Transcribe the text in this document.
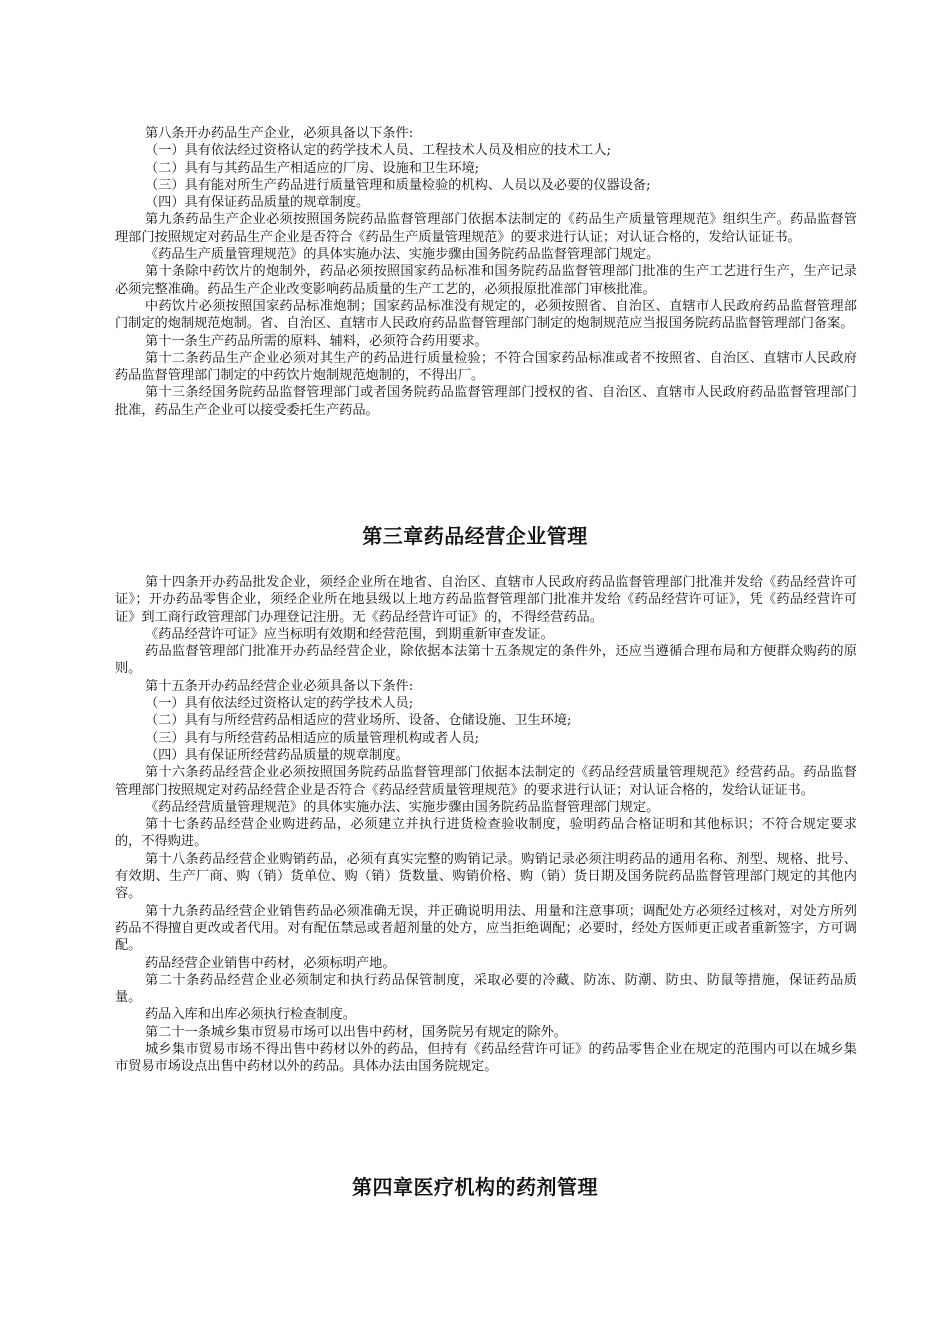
第八条开办药品生产企业，必须具备以下条件:

（一）具有依法经过资格认定的药学技术人员、工程技术人员及相应的技术工人;

（二）具有与其药品生产相适应的厂房、设施和卫生环境;

（三）具有能对所生产药品进行质量管理和质量检验的机构、人员以及必要的仪器设备;

（四）具有保证药品质量的规章制度。

第九条药品生产企业必须按照国务院药品监督管理部门依据本法制定的《药品生产质量管理规范》组织生产。药品监督管理部门按照规定对药品生产企业是否符合《药品生产质量管理规范》的要求进行认证；对认证合格的，发给认证证书。

《药品生产质量管理规范》的具体实施办法、实施步骤由国务院药品监督管理部门规定。

第十条除中药饮片的炮制外，药品必须按照国家药品标准和国务院药品监督管理部门批准的生产工艺进行生产，生产记录必须完整准确。药品生产企业改变影响药品质量的生产工艺的，必须报原批准部门审核批准。

中药饮片必须按照国家药品标准炮制；国家药品标准没有规定的，必须按照省、自治区、直辖市人民政府药品监督管理部门制定的炮制规范炮制。省、自治区、直辖市人民政府药品监督管理部门制定的炮制规范应当报国务院药品监督管理部门备案。

第十一条生产药品所需的原料、辅料，必须符合药用要求。

第十二条药品生产企业必须对其生产的药品进行质量检验；不符合国家药品标准或者不按照省、自治区、直辖市人民政府药品监督管理部门制定的中药饮片炮制规范炮制的，不得出厂。

第十三条经国务院药品监督管理部门或者国务院药品监督管理部门授权的省、自治区、直辖市人民政府药品监督管理部门批准，药品生产企业可以接受委托生产药品。

第三章药品经营企业管理

第十四条开办药品批发企业，须经企业所在地省、自治区、直辖市人民政府药品监督管理部门批准并发给《药品经营许可证》；开办药品零售企业，须经企业所在地县级以上地方药品监督管理部门批准并发给《药品经营许可证》，凭《药品经营许可证》到工商行政管理部门办理登记注册。无《药品经营许可证》的，不得经营药品。

《药品经营许可证》应当标明有效期和经营范围，到期重新审查发证。

药品监督管理部门批准开办药品经营企业，除依据本法第十五条规定的条件外，还应当遵循合理布局和方便群众购药的原则。

第十五条开办药品经营企业必须具备以下条件:

（一）具有依法经过资格认定的药学技术人员;

（二）具有与所经营药品相适应的营业场所、设备、仓储设施、卫生环境;

（三）具有与所经营药品相适应的质量管理机构或者人员;

（四）具有保证所经营药品质量的规章制度。

第十六条药品经营企业必须按照国务院药品监督管理部门依据本法制定的《药品经营质量管理规范》经营药品。药品监督管理部门按照规定对药品经营企业是否符合《药品经营质量管理规范》的要求进行认证；对认证合格的，发给认证证书。

《药品经营质量管理规范》的具体实施办法、实施步骤由国务院药品监督管理部门规定。

第十七条药品经营企业购进药品，必须建立并执行进货检查验收制度，验明药品合格证明和其他标识；不符合规定要求的，不得购进。

第十八条药品经营企业购销药品，必须有真实完整的购销记录。购销记录必须注明药品的通用名称、剂型、规格、批号、有效期、生产厂商、购（销）货单位、购（销）货数量、购销价格、购（销）货日期及国务院药品监督管理部门规定的其他内容。

第十九条药品经营企业销售药品必须准确无误，并正确说明用法、用量和注意事项；调配处方必须经过核对，对处方所列药品不得擅自更改或者代用。对有配伍禁忌或者超剂量的处方，应当拒绝调配；必要时，经处方医师更正或者重新签字，方可调配。

药品经营企业销售中药材，必须标明产地。

第二十条药品经营企业必须制定和执行药品保管制度，采取必要的冷藏、防冻、防潮、防虫、防鼠等措施，保证药品质量。

药品入库和出库必须执行检查制度。

第二十一条城乡集市贸易市场可以出售中药材，国务院另有规定的除外。

城乡集市贸易市场不得出售中药材以外的药品，但持有《药品经营许可证》的药品零售企业在规定的范围内可以在城乡集市贸易市场设点出售中药材以外的药品。具体办法由国务院规定。

第四章医疗机构的药剂管理
